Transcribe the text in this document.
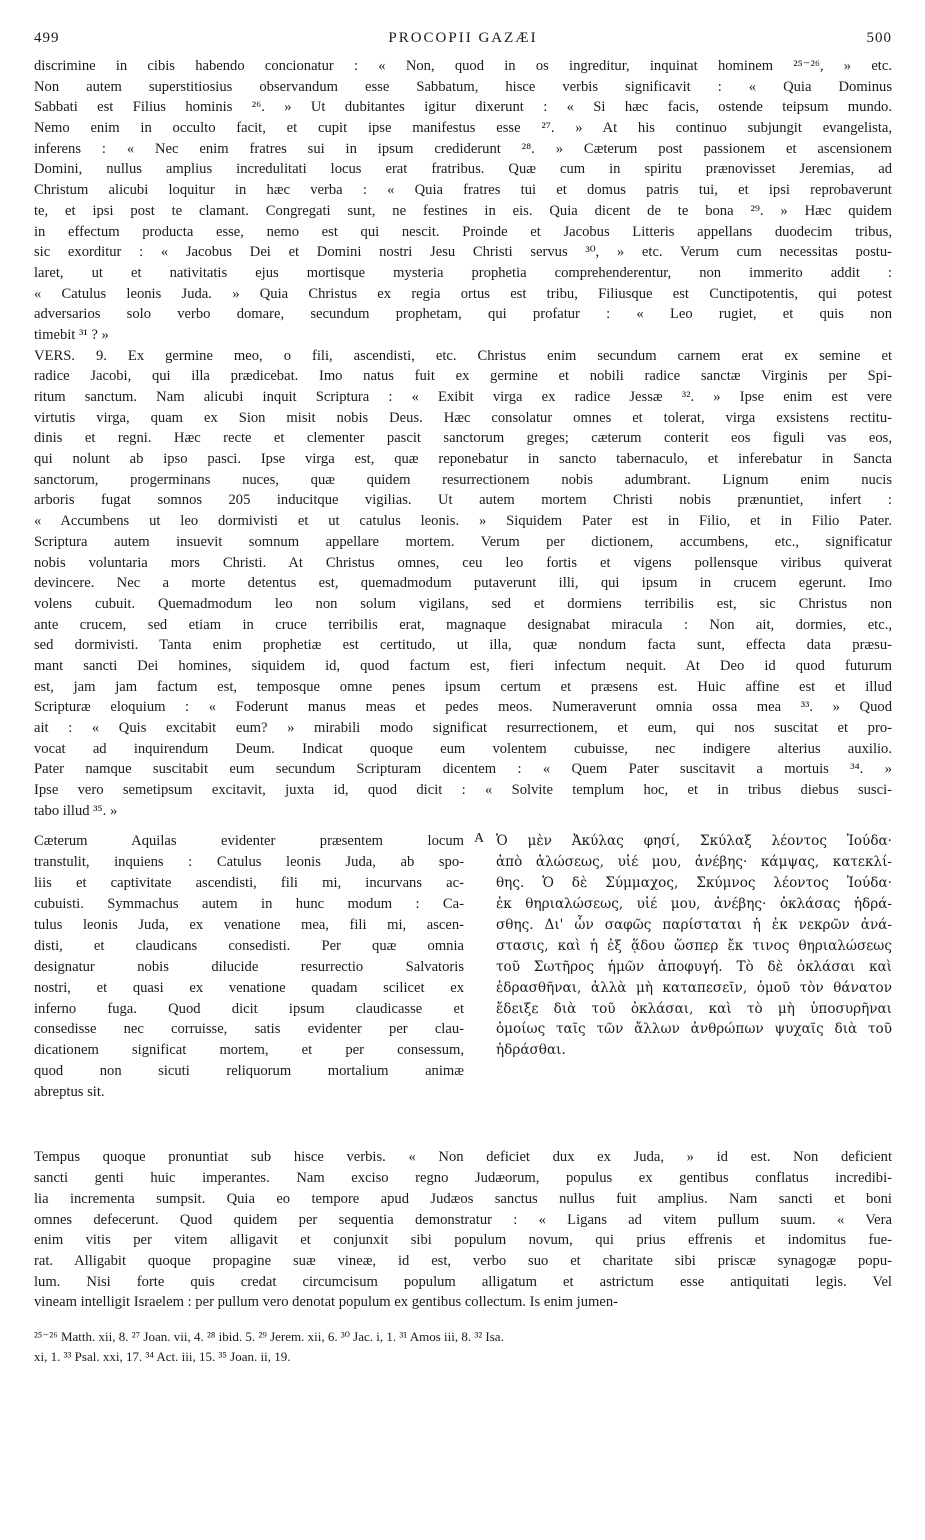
499	PROCOPII GAZÆI	500
discrimine in cibis habendo concionatur : « Non, quod in os ingreditur, inquinat hominem ²⁵⁻²⁶, » etc.
Non autem superstitiosius observandum esse Sabbatum, hisce verbis significavit : « Quia Dominus
Sabbati est Filius hominis ²⁶. » Ut dubitantes igitur dixerunt : « Si hæc facis, ostende teipsum mundo.
Nemo enim in occulto facit, et cupit ipse manifestus esse ²⁷. » At his continuo subjungit evangelista,
inferens : « Nec enim fratres sui in ipsum crediderunt ²⁸. » Cæterum post passionem et ascensionem
Domini, nullus amplius incredulitati locus erat fratribus. Quæ cum in spiritu prænovisset Jeremias, ad
Christum alicubi loquitur in hæc verba : « Quia fratres tui et domus patris tui, et ipsi reprobaverunt
te, et ipsi post te clamant. Congregati sunt, ne festines in eis. Quia dicent de te bona ²⁹. » Hæc quidem
in effectum producta esse, nemo est qui nescit. Proinde et Jacobus Litteris appellans duodecim tribus,
sic exorditur : « Jacobus Dei et Domini nostri Jesu Christi servus ³⁰, » etc. Verum cum necessitas postu-
laret, ut et nativitatis ejus mortisque mysteria prophetia comprehenderentur, non immerito addit :
« Catulus leonis Juda. » Quia Christus ex regia ortus est tribu, Filiusque est Cunctipotentis, qui potest
adversarios solo verbo domare, secundum prophetam, qui profatur : « Leo rugiet, et quis non
timebit ³¹ ? »
VERS. 9. Ex germine meo, o fili, ascendisti, etc. Christus enim secundum carnem erat ex semine et
radice Jacobi, qui illa prædicebat. Imo natus fuit ex germine et nobili radice sanctæ Virginis per Spi-
ritum sanctum. Nam alicubi inquit Scriptura : « Exibit virga ex radice Jessæ ³². » Ipse enim est vere
virtutis virga, quam ex Sion misit nobis Deus. Hæc consolatur omnes et tolerat, virga exsistens rectitu-
dinis et regni. Hæc recte et clementer pascit sanctorum greges; cæterum conterit eos figuli vas eos,
qui nolunt ab ipso pasci. Ipse virga est, quæ reponebatur in sancto tabernaculo, et inferebatur in Sancta
sanctorum, progerminans nuces, quæ quidem resurrectionem nobis adumbrant. Lignum enim nucis
arboris fugat somnos 205 inducitque vigilias. Ut autem mortem Christi nobis prænuntiet, infert :
« Accumbens ut leo dormivisti et ut catulus leonis. » Siquidem Pater est in Filio, et in Filio Pater.
Scriptura autem insuevit somnum appellare mortem. Verum per dictionem, accumbens, etc., significatur
nobis voluntaria mors Christi. At Christus omnes, ceu leo fortis et vigens pollensque viribus quiverat
devincere. Nec a morte detentus est, quemadmodum putaverunt illi, qui ipsum in crucem egerunt. Imo
volens cubuit. Quemadmodum leo non solum vigilans, sed et dormiens terribilis est, sic Christus non
ante crucem, sed etiam in cruce terribilis erat, magnaque designabat miracula : Non ait, dormies, etc.,
sed dormivisti. Tanta enim prophetiæ est certitudo, ut illa, quæ nondum facta sunt, effecta data præsu-
mant sancti Dei homines, siquidem id, quod factum est, fieri infectum nequit. At Deo id quod futurum
est, jam jam factum est, temposque omne penes ipsum certum et præsens est. Huic affine est et illud
Scripturæ eloquium : « Foderunt manus meas et pedes meos. Numeraverunt omnia ossa mea ³³. » Quod
ait : « Quis excitabit eum? » mirabili modo significat resurrectionem, et eum, qui nos suscitat et pro-
vocat ad inquirendum Deum. Indicat quoque eum volentem cubuisse, nec indigere alterius auxilio.
Pater namque suscitabit eum secundum Scripturam dicentem : « Quem Pater suscitavit a mortuis ³⁴. »
Ipse vero semetipsum excitavit, juxta id, quod dicit : « Solvite templum hoc, et in tribus diebus susci-
tabo illud ³⁵. »
Cæterum Aquilas evidenter præsentem locum
transtulit, inquiens : Catulus leonis Juda, ab spo-
liis et captivitate ascendisti, fili mi, incurvans ac-
cubuisti. Symmachus autem in hunc modum : Ca-
tulus leonis Juda, ex venatione mea, fili mi, ascen-
disti, et claudicans consedisti. Per quæ omnia
designatur nobis dilucide resurrectio Salvatoris
nostri, et quasi ex venatione quadam scilicet ex
inferno fuga. Quod dicit ipsum claudicasse et
consedisse nec corruisse, satis evidenter per clau-
dicationem significat mortem, et per consessum,
quod non sicuti reliquorum mortalium animæ
abreptus sit.
A Ὁ μὲν Ἀκύλας φησί, Σκύλαξ λέοντος Ἰούδα·
ἀπὸ ἁλώσεως, υἱέ μου, ἀνέβης· κάμψας, κατεκλί-
θης. Ὁ δὲ Σύμμαχος, Σκύμνος λέοντος Ἰούδα·
ἐκ θηριαλώσεως, υἱέ μου, ἀνέβης· ὀκλάσας ἡδρά-
σθης. Δι' ὧν σαφῶς παρίσταται ἡ ἐκ νεκρῶν ἀνά-
στασις, καὶ ἡ ἐξ ᾅδου ὥσπερ ἔκ τινος θηριαλώσεως
τοῦ Σωτῆρος ἡμῶν ἀποφυγή. Τὸ δὲ ὀκλάσαι καὶ
ἑδρασθῆναι, ἀλλὰ μὴ καταπεσεῖν, ὁμοῦ τὸν θάνατον
ἔδειξε διὰ τοῦ ὀκλάσαι, καὶ τὸ μὴ ὑποσυρῆναι
ὁμοίως ταῖς τῶν ἄλλων ἀνθρώπων ψυχαῖς διὰ τοῦ
ἡδράσθαι.
Tempus quoque pronuntiat sub hisce verbis. « Non deficiet dux ex Juda, » id est. Non deficient
sancti genti huic imperantes. Nam exciso regno Judæorum, populus ex gentibus conflatus incredibi-
lia incrementa sumpsit. Quia eo tempore apud Judæos sanctus nullus fuit amplius. Nam sancti et boni
omnes defecerunt. Quod quidem per sequentia demonstratur : « Ligans ad vitem pullum suum. « Vera
enim vitis per vitem alligavit et conjunxit sibi populum novum, qui prius effrenis et indomitus fue-
rat. Alligabit quoque propagine suæ vineæ, id est, verbo suo et charitate sibi priscæ synagogæ popu-
lum. Nisi forte quis credat circumcisum populum alligatum et astrictum esse antiquitati legis. Vel
vineam intelligit Israelem : per pullum vero denotat populum ex gentibus collectum. Is enim jumen-
²⁵⁻²⁶ Matth. xii, 8. ²⁷ Joan. vii, 4. ²⁸ ibid. 5. ²⁹ Jerem. xii, 6. ³⁰ Jac. i, 1. ³¹ Amos iii, 8. ³² Isa.
xi, 1. ³³ Psal. xxi, 17. ³⁴ Act. iii, 15. ³⁵ Joan. ii, 19.
